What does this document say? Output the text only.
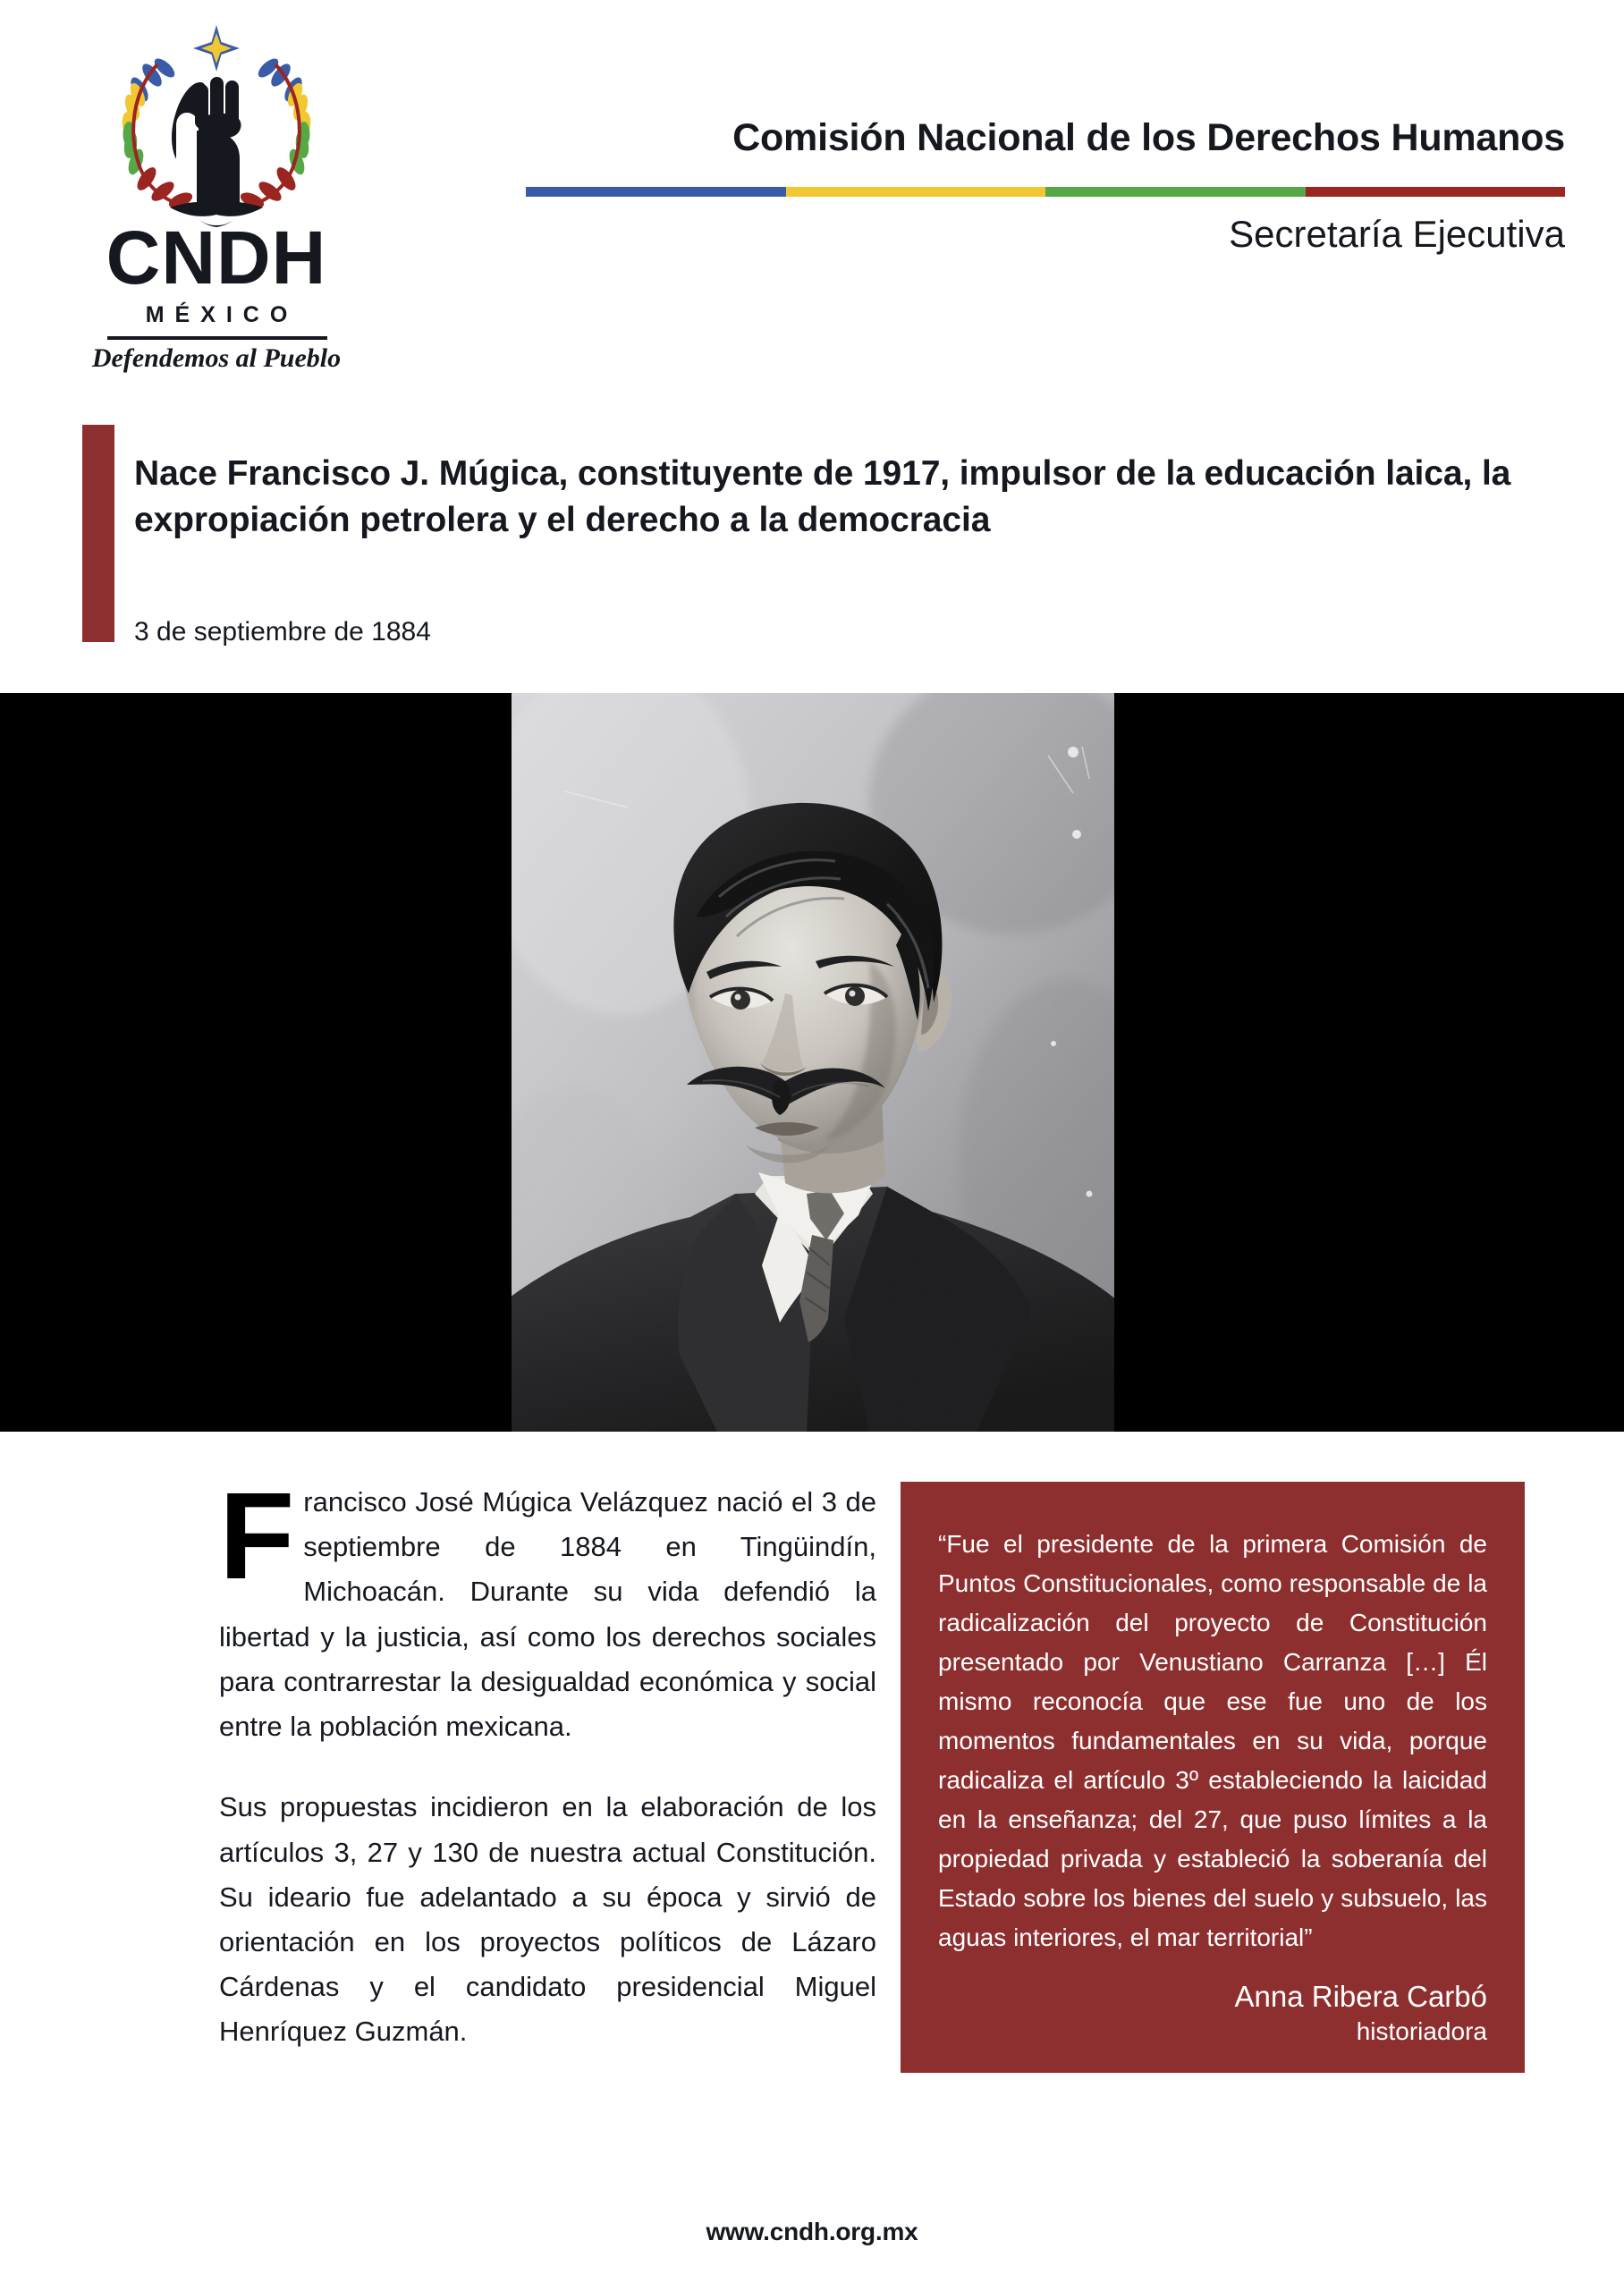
CNDH
MÉXICO
Defendemos al Pueblo
Comisión Nacional de los Derechos Humanos
Secretaría Ejecutiva
Nace Francisco J. Múgica, constituyente de 1917, impulsor de la educación laica, la expropiación petrolera y el derecho a la democracia
3 de septiembre de 1884

Francisco José Múgica Velázquez nació el 3 de septiembre de 1884 en Tingüindín, Michoacán. Durante su vida defendió la libertad y la justicia, así como los derechos sociales para contrarrestar la desigualdad económica y social entre la población mexicana.

Sus propuestas incidieron en la elaboración de los artículos 3, 27 y 130 de nuestra actual Constitución. Su ideario fue adelantado a su época y sirvió de orientación en los proyectos políticos de Lázaro Cárdenas y el candidato presidencial Miguel Henríquez Guzmán.

“Fue el presidente de la primera Comisión de Puntos Constitucionales, como responsable de la radicalización del proyecto de Constitución presentado por Venustiano Carranza […] Él mismo reconocía que ese fue uno de los momentos fundamentales en su vida, porque radicaliza el artículo 3º estableciendo la laicidad en la enseñanza; del 27, que puso límites a la propiedad privada y estableció la soberanía del Estado sobre los bienes del suelo y subsuelo, las aguas interiores, el mar territorial”

Anna Ribera Carbó
historiadora
www.cndh.org.mx
